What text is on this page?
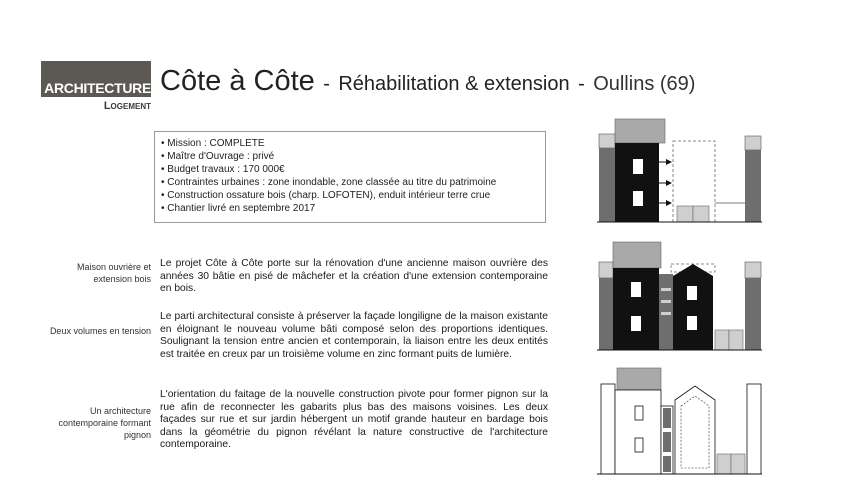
ARCHITECTURE
Logement
Côte à Côte - Réhabilitation & extension - Oullins (69)
• Mission : COMPLETE
• Maître d'Ouvrage : privé
• Budget travaux : 170 000€
• Contraintes urbaines : zone inondable, zone classée au titre du patrimoine
• Construction ossature bois (charp. LOFOTEN), enduit intérieur terre crue
• Chantier livré en septembre 2017
Maison ouvrière et extension bois
Deux volumes en tension
Un architecture contemporaine formant pignon
Le projet Côte à Côte porte sur la rénovation d'une ancienne maison ouvrière des années 30 bâtie en pisé de mâchefer et la création d'une extension contemporaine en bois.
Le parti architectural consiste à préserver la façade longiligne de la maison existante en éloignant le nouveau volume bâti composé selon des proportions identiques. Soulignant la tension entre ancien et contemporain, la liaison entre les deux entités est traitée en creux par un troisième volume en zinc formant puits de lumière.
L'orientation du faitage de la nouvelle construction pivote pour former pignon sur la rue afin de reconnecter les gabarits plus bas des maisons voisines. Les deux façades sur rue et sur jardin hébergent un motif grande hauteur en bardage bois dans la géométrie du pignon révélant la nature constructive de l'architecture contemporaine.
